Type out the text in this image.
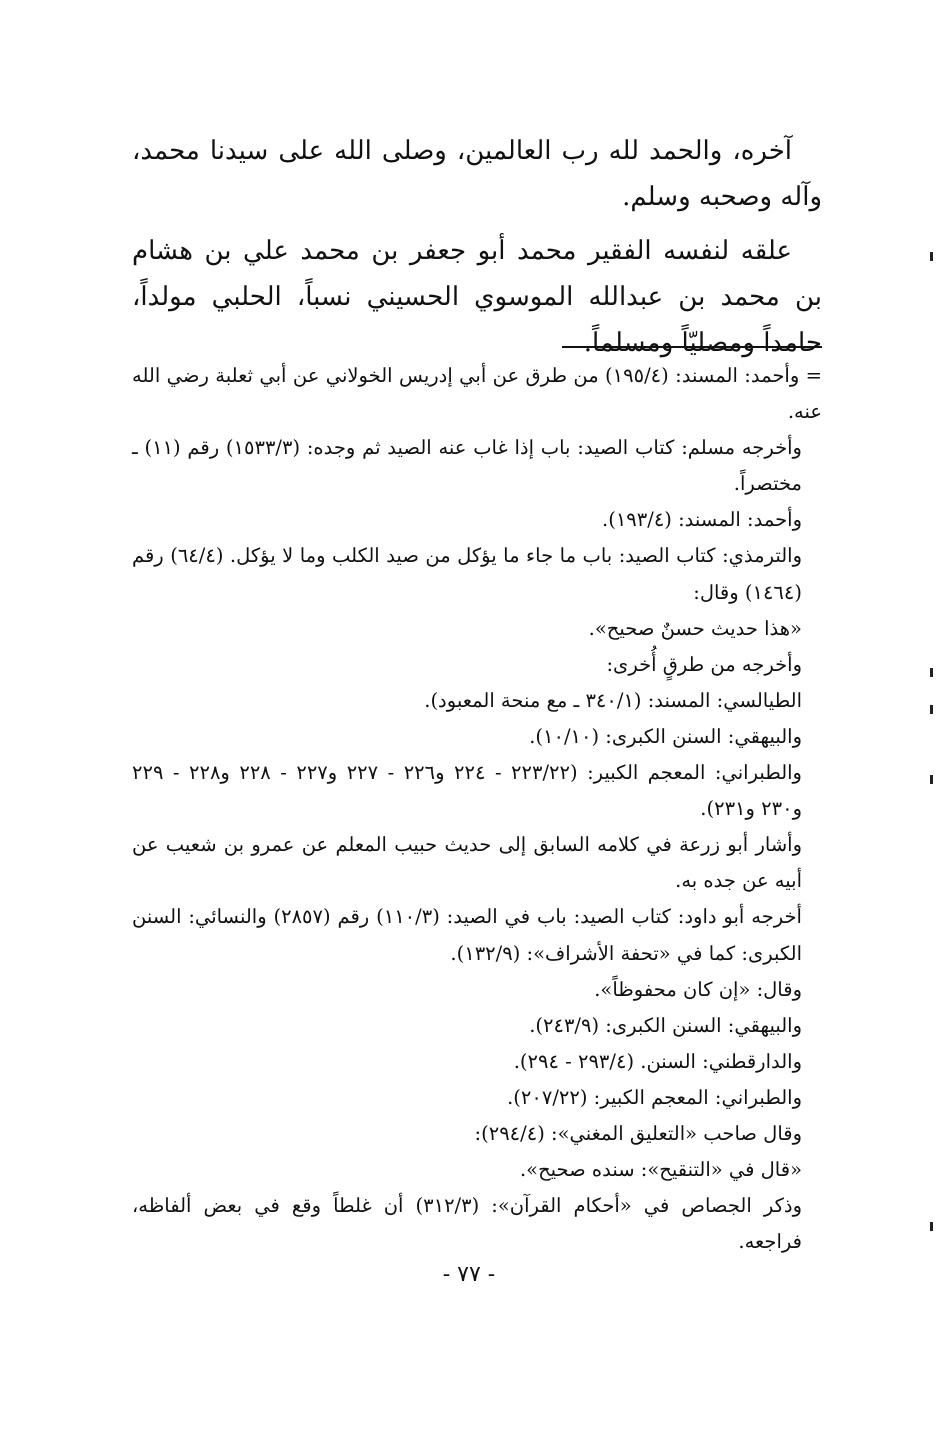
آخره، والحمد لله رب العالمين، وصلى الله على سيدنا محمد، وآله وصحبه وسلم.

علقه لنفسه الفقير محمد أبو جعفر بن محمد علي بن هشام بن محمد بن عبدالله الموسوي الحسيني نسباً، الحلبي مولداً، حامداً ومصليّاً ومسلماً.

= وأحمد: المسند: (١٩٥/٤) من طرق عن أبي إدريس الخولاني عن أبي ثعلبة رضي الله عنه.

وأخرجه مسلم: كتاب الصيد: باب إذا غاب عنه الصيد ثم وجده: (١٥٣٣/٣) رقم (١١) ـ مختصراً.

وأحمد: المسند: (١٩٣/٤).

والترمذي: كتاب الصيد: باب ما جاء ما يؤكل من صيد الكلب وما لا يؤكل. (٦٤/٤) رقم (١٤٦٤) وقال:

«هذا حديث حسنٌ صحيح».

وأخرجه من طرقٍ أُخرى:

الطيالسي: المسند: (٣٤٠/١ ـ مع منحة المعبود).

والبيهقي: السنن الكبرى: (١٠/١٠).

والطبراني: المعجم الكبير: (٢٢٣/٢٢ - ٢٢٤ و٢٢٦ - ٢٢٧ و٢٢٧ - ٢٢٨ و٢٢٨ - ٢٢٩ و٢٣٠ و٢٣١).

وأشار أبو زرعة في كلامه السابق إلى حديث حبيب المعلم عن عمرو بن شعيب عن أبيه عن جده به.

أخرجه أبو داود: كتاب الصيد: باب في الصيد: (١١٠/٣) رقم (٢٨٥٧) والنسائي: السنن الكبرى: كما في «تحفة الأشراف»: (١٣٢/٩).

وقال: «إن كان محفوظاً».

والبيهقي: السنن الكبرى: (٢٤٣/٩).

والدارقطني: السنن. (٢٩٣/٤ - ٢٩٤).

والطبراني: المعجم الكبير: (٢٠٧/٢٢).

وقال صاحب «التعليق المغني»: (٢٩٤/٤):

«قال في «التنقيح»: سنده صحيح».

وذكر الجصاص في «أحكام القرآن»: (٣١٢/٣) أن غلطاً وقع في بعض ألفاظه، فراجعه.

- ٧٧ -
